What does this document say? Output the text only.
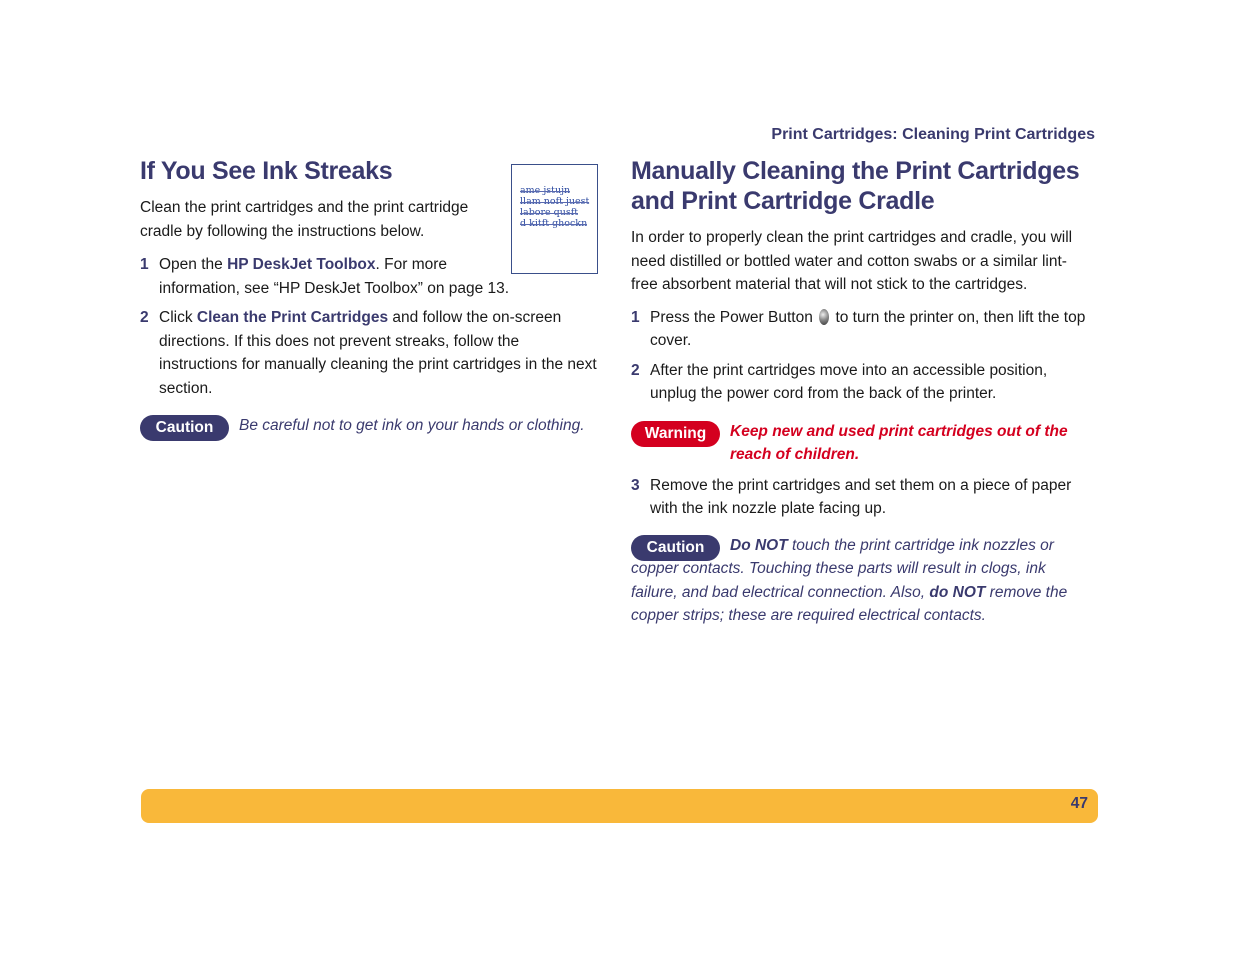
Print Cartridges: Cleaning Print Cartridges
If You See Ink Streaks

Clean the print cartridges and the print cartridge cradle by following the instructions below.

1 Open the HP DeskJet Toolbox. For more information, see “HP DeskJet Toolbox” on page 13.
2 Click Clean the Print Cartridges and follow the on-screen directions. If this does not prevent streaks, follow the instructions for manually cleaning the print cartridges in the next section.
Caution	Be careful not to get ink on your hands or clothing.
ame jstujn
llam noft juest
labore qusft
d kitft ghockn
Manually Cleaning the Print Cartridges
and Print Cartridge Cradle

In order to properly clean the print cartridges and cradle, you will need distilled or bottled water and cotton swabs or a similar lint-free absorbent material that will not stick to the cartridges.

1 Press the Power Button  to turn the printer on, then lift the top cover.
2 After the print cartridges move into an accessible position, unplug the power cord from the back of the printer.
Warning	Keep new and used print cartridges out of the reach of children.
3 Remove the print cartridges and set them on a piece of paper with the ink nozzle plate facing up.
Caution	Do NOT touch the print cartridge ink nozzles or copper contacts. Touching these parts will result in clogs, ink failure, and bad electrical connection. Also, do NOT remove the copper strips; these are required electrical contacts.
47
